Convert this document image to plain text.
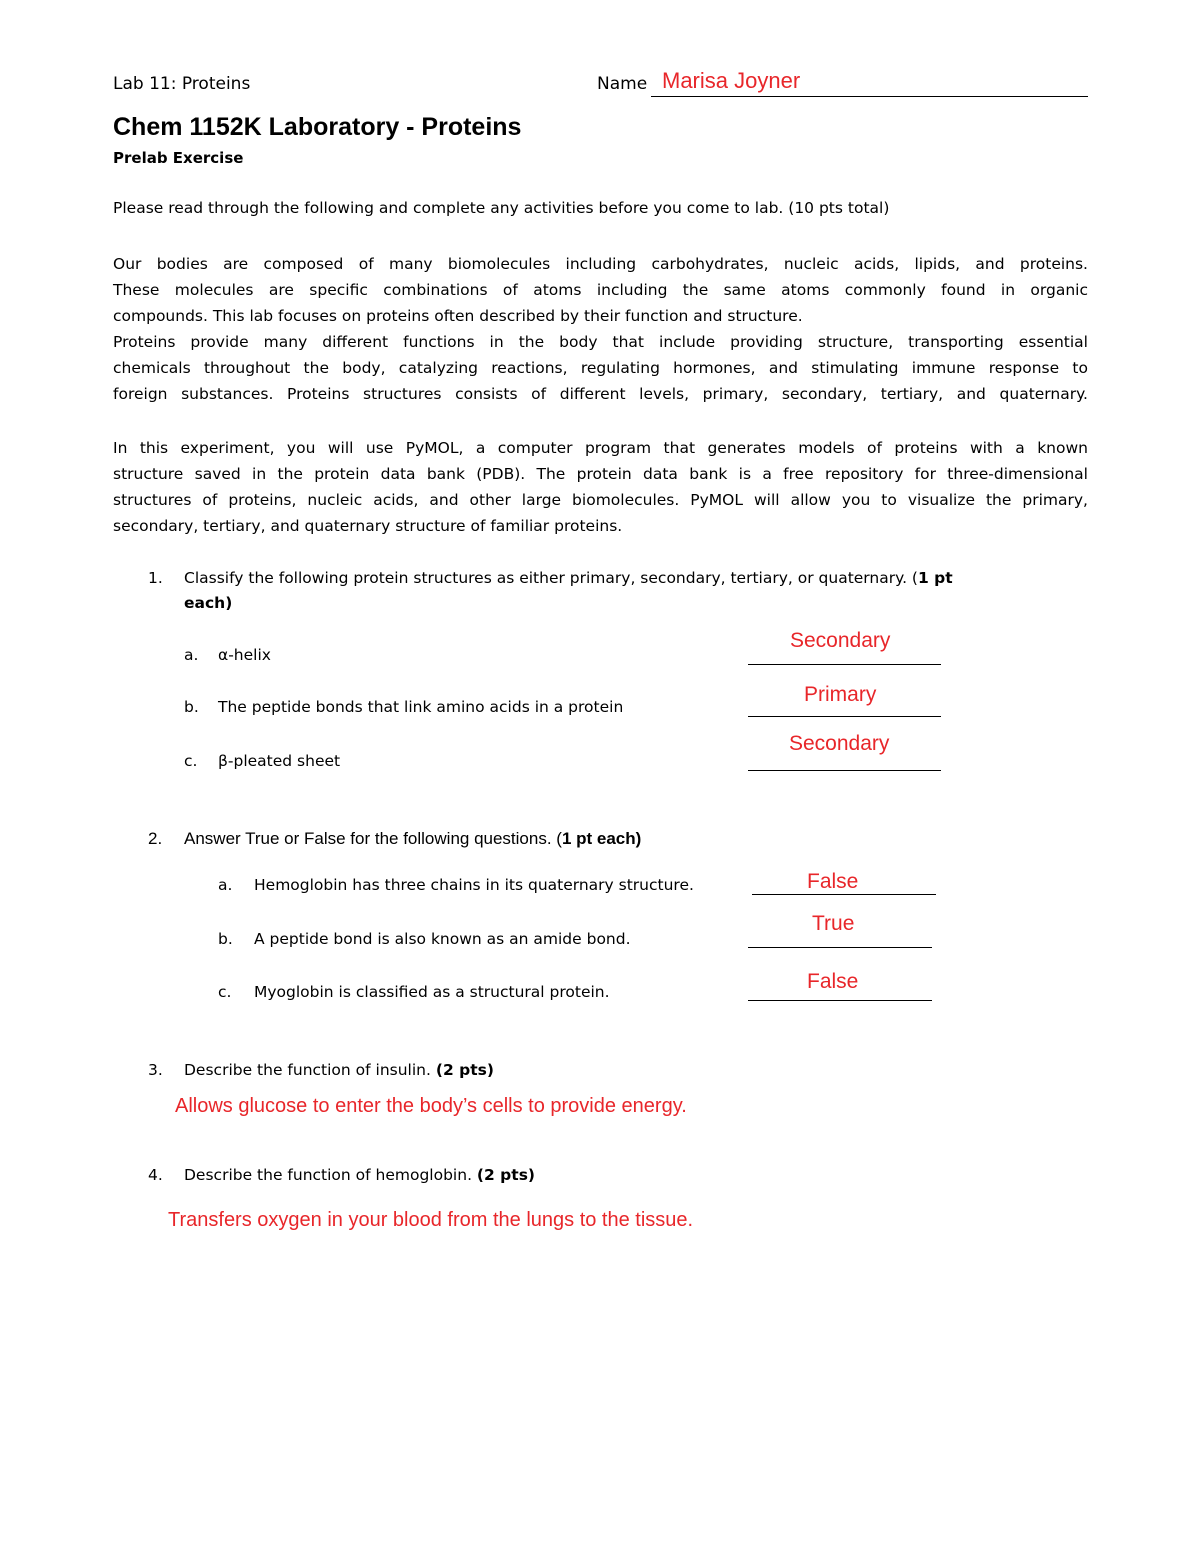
Lab 11: Proteins	Name Marisa Joyner
Chem 1152K Laboratory - Proteins
Prelab Exercise
Please read through the following and complete any activities before you come to lab. (10 pts total)
Our bodies are composed of many biomolecules including carbohydrates, nucleic acids, lipids, and proteins.
These molecules are specific combinations of atoms including the same atoms commonly found in organic
compounds. This lab focuses on proteins often described by their function and structure.
Proteins provide many different functions in the body that include providing structure, transporting essential
chemicals throughout the body, catalyzing reactions, regulating hormones, and stimulating immune response to
foreign substances. Proteins structures consists of different levels, primary, secondary, tertiary, and quaternary.
In this experiment, you will use PyMOL, a computer program that generates models of proteins with a known
structure saved in the protein data bank (PDB). The protein data bank is a free repository for three-dimensional
structures of proteins, nucleic acids, and other large biomolecules. PyMOL will allow you to visualize the primary,
secondary, tertiary, and quaternary structure of familiar proteins.
1. Classify the following protein structures as either primary, secondary, tertiary, or quaternary. (1 pt
each)
a. α-helix
Secondary
b. The peptide bonds that link amino acids in a protein
Primary
c. β-pleated sheet
Secondary
2. Answer True or False for the following questions. (1 pt each)
a. Hemoglobin has three chains in its quaternary structure.	False
b. A peptide bond is also known as an amide bond.
True
c. Myoglobin is classified as a structural protein.	False
3. Describe the function of insulin. (2 pts)
Allows glucose to enter the body’s cells to provide energy.
4. Describe the function of hemoglobin. (2 pts)
Transfers oxygen in your blood from the lungs to the tissue.
